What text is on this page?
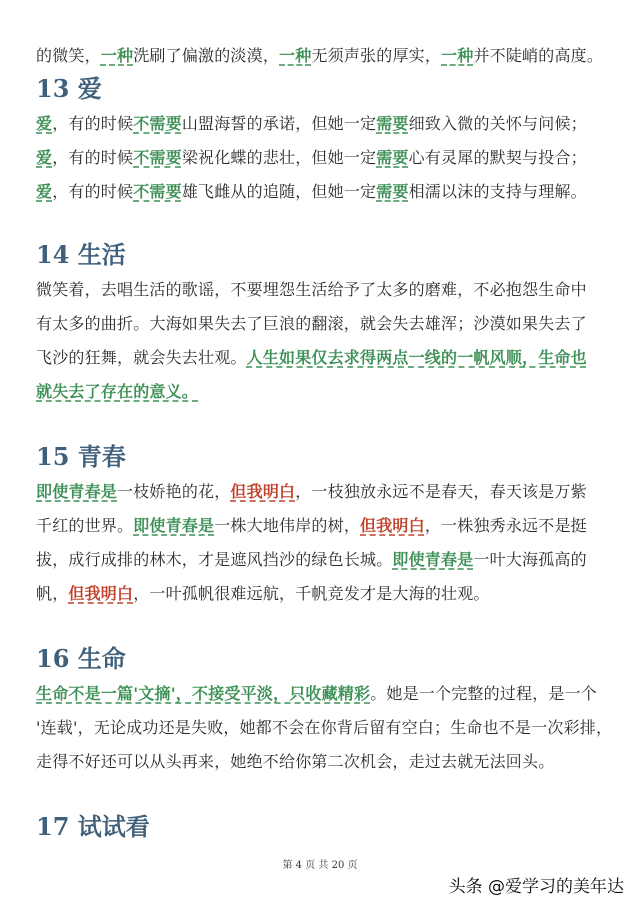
的微笑，一种洗刷了偏激的淡漠，一种无须声张的厚实，一种并不陡峭的高度。
13 爱
爱，有的时候不需要山盟海誓的承诺，但她一定需要细致入微的关怀与问候；
爱，有的时候不需要梁祝化蝶的悲壮，但她一定需要心有灵犀的默契与投合；
爱，有的时候不需要雄飞雌从的追随，但她一定需要相濡以沫的支持与理解。
14 生活
微笑着，去唱生活的歌谣，不要埋怨生活给予了太多的磨难，不必抱怨生命中
有太多的曲折。大海如果失去了巨浪的翻滚，就会失去雄浑；沙漠如果失去了
飞沙的狂舞，就会失去壮观。人生如果仅去求得两点一线的一帆风顺，生命也
就失去了存在的意义。
15 青春
即使青春是一枝娇艳的花，但我明白，一枝独放永远不是春天，春天该是万紫
千红的世界。即使青春是一株大地伟岸的树，但我明白，一株独秀永远不是挺
拔，成行成排的林木，才是遮风挡沙的绿色长城。即使青春是一叶大海孤高的
帆，但我明白，一叶孤帆很难远航，千帆竞发才是大海的壮观。
16 生命
生命不是一篇'文摘'，不接受平淡，只收藏精彩。她是一个完整的过程，是一个
'连载'，无论成功还是失败，她都不会在你背后留有空白；生命也不是一次彩排，
走得不好还可以从头再来，她绝不给你第二次机会，走过去就无法回头。
17 试试看
第 4 页 共 20 页
头条 @爱学习的美年达
